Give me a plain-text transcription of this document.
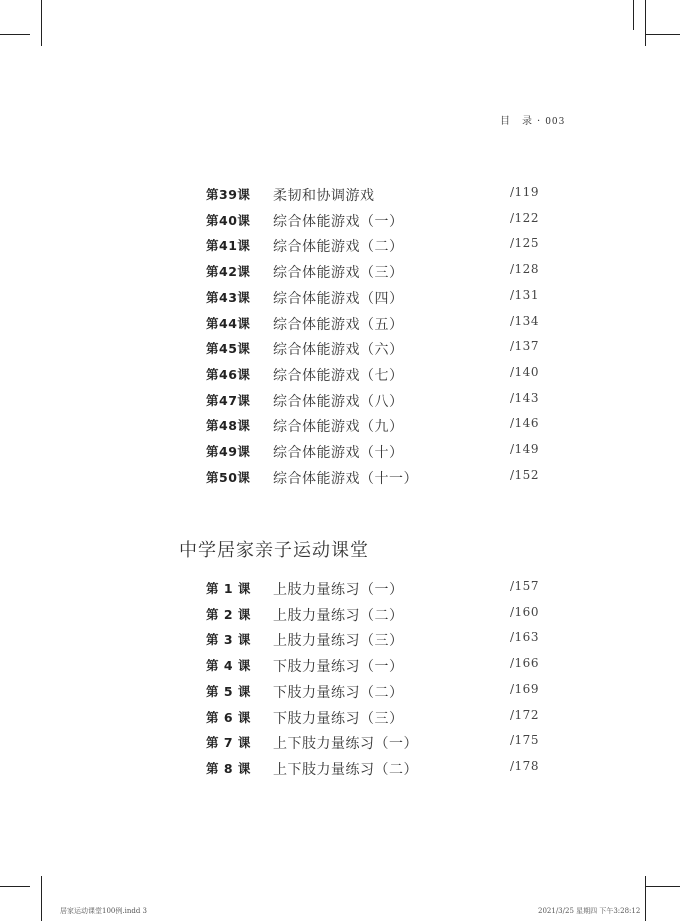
目　录 · 003
第39课 柔韧和协调游戏	/119
第40课 综合体能游戏（一）	/122
第41课 综合体能游戏（二）	/125
第42课 综合体能游戏（三）	/128
第43课 综合体能游戏（四）	/131
第44课 综合体能游戏（五）	/134
第45课 综合体能游戏（六）	/137
第46课 综合体能游戏（七）	/140
第47课 综合体能游戏（八）	/143
第48课 综合体能游戏（九）	/146
第49课 综合体能游戏（十）	/149
第50课 综合体能游戏（十一）	/152
中学居家亲子运动课堂
第 1 课 上肢力量练习（一）	/157
第 2 课 上肢力量练习（二）	/160
第 3 课 上肢力量练习（三）	/163
第 4 课 下肢力量练习（一）	/166
第 5 课 下肢力量练习（二）	/169
第 6 课 下肢力量练习（三）	/172
第 7 课 上下肢力量练习（一）	/175
第 8 课 上下肢力量练习（二）	/178
居家运动课堂100例.indd 3	2021/3/25 星期四 下午3:28:12
